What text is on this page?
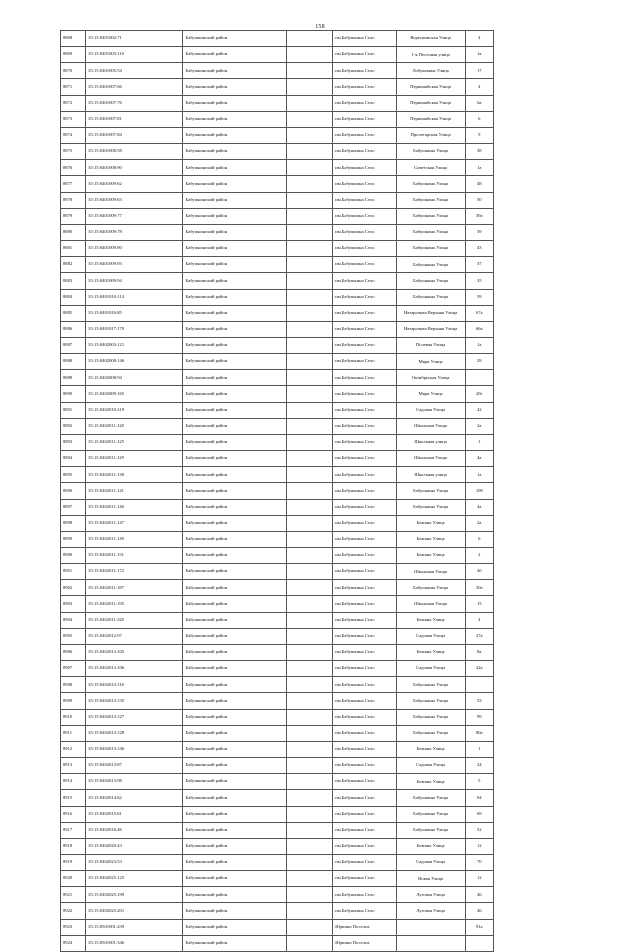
158
8868	35:15:0401002:71	Бабушкинский район		им.Бабушкина Село	Вереснинская Улица	4
8869	35:15:0401003:110	Бабушкинский район		им.Бабушкина Село	1-я Песочная улица	1а
8870	35:15:0401005:54	Бабушкинский район		им.Бабушкина Село	Лобукавина Улица	17
8871	35:15:0401007:66	Бабушкинский район		им.Бабушкина Село	Первомайская Улица	4
8872	35:15:0401007:76	Бабушкинский район		им.Бабушкина Село	Первомайская Улица	6а
8873	35:15:0401007:81	Бабушкинский район		им.Бабушкина Село	Первомайская Улица	6
8874	35:15:0401007:84	Бабушкинский район		им.Бабушкина Село	Пролетарская Улица	9
8875	35:15:0401008:58	Бабушкинский район		им.Бабушкина Село	Бабушкина Улица	38
8876	35:15:0401008:90	Бабушкинский район		им.Бабушкина Село	Советская Улица	1а
8877	35:15:0401009:62	Бабушкинский район		им.Бабушкина Село	Бабушкина Улица	48
8878	35:15:0401009:63	Бабушкинский район		им.Бабушкина Село	Бабушкина Улица	50
8879	35:15:0401009:77	Бабушкинский район		им.Бабушкина Село	Бабушкина Улица	39а
8880	35:15:0401009:78	Бабушкинский район		им.Бабушкина Село	Бабушкина Улица	39
8881	35:15:0401009:80	Бабушкинский район		им.Бабушкина Село	Бабушкина Улица	43
8882	35:15:0401009:93	Бабушкинский район		им.Бабушкина Село	Бабушкина Улица	37
8883	35:15:0401009:94	Бабушкинский район		им.Бабушкина Село	Бабушкина Улица	35
8884	35:15:0401010:114	Бабушкинский район		им.Бабушкина Село	Бабушкина Улица	59
8885	35:15:0401016:85	Бабушкинский район		им.Бабушкина Село	Назарочная Верхняя Улица	67а
8886	35:15:0401017:170	Бабушкинский район		им.Бабушкина Село	Назарочная Верхняя Улица	66а
8887	35:15:0402003:121	Бабушкинский район		им.Бабушкина Село	Полевая Улица	1а
8888	35:15:0402008:146	Бабушкинский район		им.Бабушкина Село	Мира Улица	29
8889	35:15:0402008:94	Бабушкинский район		им.Бабушкина Село	Октябрьская Улица	
8890	35:15:0402009:165	Бабушкинский район		им.Бабушкина Село	Мира Улица	28г
8891	35:15:0402010:219	Бабушкинский район		им.Бабушкина Село	Садовая Улица	42
8892	35:15:0402011:120	Бабушкинский район		им.Бабушкина Село	Школьная Улица	2а
8893	35:15:0402011:125	Бабушкинский район		им.Бабушкина Село	Школьная улица	1
8894	35:15:0402011:129	Бабушкинский район		им.Бабушкина Село	Школьная Улица	4а
8895	35:15:0402011:138	Бабушкинский район		им.Бабушкина Село	Школьная улица	1а
8896	35:15:0402011:141	Бабушкинский район		им.Бабушкина Село	Бабушкина Улица	108
8897	35:15:0402011:146	Бабушкинский район		им.Бабушкина Село	Бабушкина Улица	4а
8898	35:15:0402011:147	Бабушкинский район		им.Бабушкина Село	Бежина Улица	2а
8899	35:15:0402011:149	Бабушкинский район		им.Бабушкина Село	Бежина Улица	6
8900	35:15:0402011:151	Бабушкинский район		им.Бабушкина Село	Бежина Улица	2
8901	35:15:0402011:172	Бабушкинский район		им.Бабушкина Село	Школьная Улица	4б
8902	35:15:0402011:187	Бабушкинский район		им.Бабушкина Село	Бабушкина Улица	30а
8903	35:15:0402011:195	Бабушкинский район		им.Бабушкина Село	Школьная Улица	15
8904	35:15:0402011:320	Бабушкинский район		им.Бабушкина Село	Бежина Улица	4
8905	35:15:0402012:97	Бабушкинский район		им.Бабушкина Село	Садовая Улица	27а
8906	35:15:0402013:105	Бабушкинский район		им.Бабушкина Село	Бежина Улица	8а
8907	35:15:0402013:106	Бабушкинский район		им.Бабушкина Село	Садовая Улица	22а
8908	35:15:0402013:116	Бабушкинский район		им.Бабушкина Село	Бабушкина Улица	
8909	35:15:0402013:135	Бабушкинский район		им.Бабушкина Село	Бабушкина Улица	53
8910	35:15:0402013:127	Бабушкинский район		им.Бабушкина Село	Бабушкина Улица	99
8911	35:15:0402013:128	Бабушкинский район		им.Бабушкина Село	Бабушкина Улица	80а
8912	35:15:0402013:146	Бабушкинский район		им.Бабушкина Село	Бежина Улица	1
8913	35:15:0402013:87	Бабушкинский район		им.Бабушкина Село	Садовая Улица	24
8914	35:15:0402013:98	Бабушкинский район		им.Бабушкина Село	Бежина Улица	5
8915	35:15:0402014:62	Бабушкинский район		им.Бабушкина Село	Бабушкина Улица	64
8916	35:15:0402015:61	Бабушкинский район		им.Бабушкина Село	Бабушкина Улица	69
8917	35:15:0402016:46	Бабушкинский район		им.Бабушкина Село	Бабушкина Улица	52
8918	35:15:0402020:43	Бабушкинский район		им.Бабушкина Село	Бежина Улица	12
8919	35:15:0402023:53	Бабушкинский район		им.Бабушкина Село	Садовая Улица	70
8920	35:15:0402025:125	Бабушкинский район		им.Бабушкина Село	Новая Улица	12
8921	35:15:0402025:199	Бабушкинский район		им.Бабушкина Село	Луговая Улица	46
8922	35:15:0402025:201	Бабушкинский район		им.Бабушкина Село	Луговая Улица	46
8923	35:15:0501001:439	Бабушкинский район		Юркино Поселок		91а
8924	35:15:0501001:346	Бабушкинский район		Юркино Поселок		
